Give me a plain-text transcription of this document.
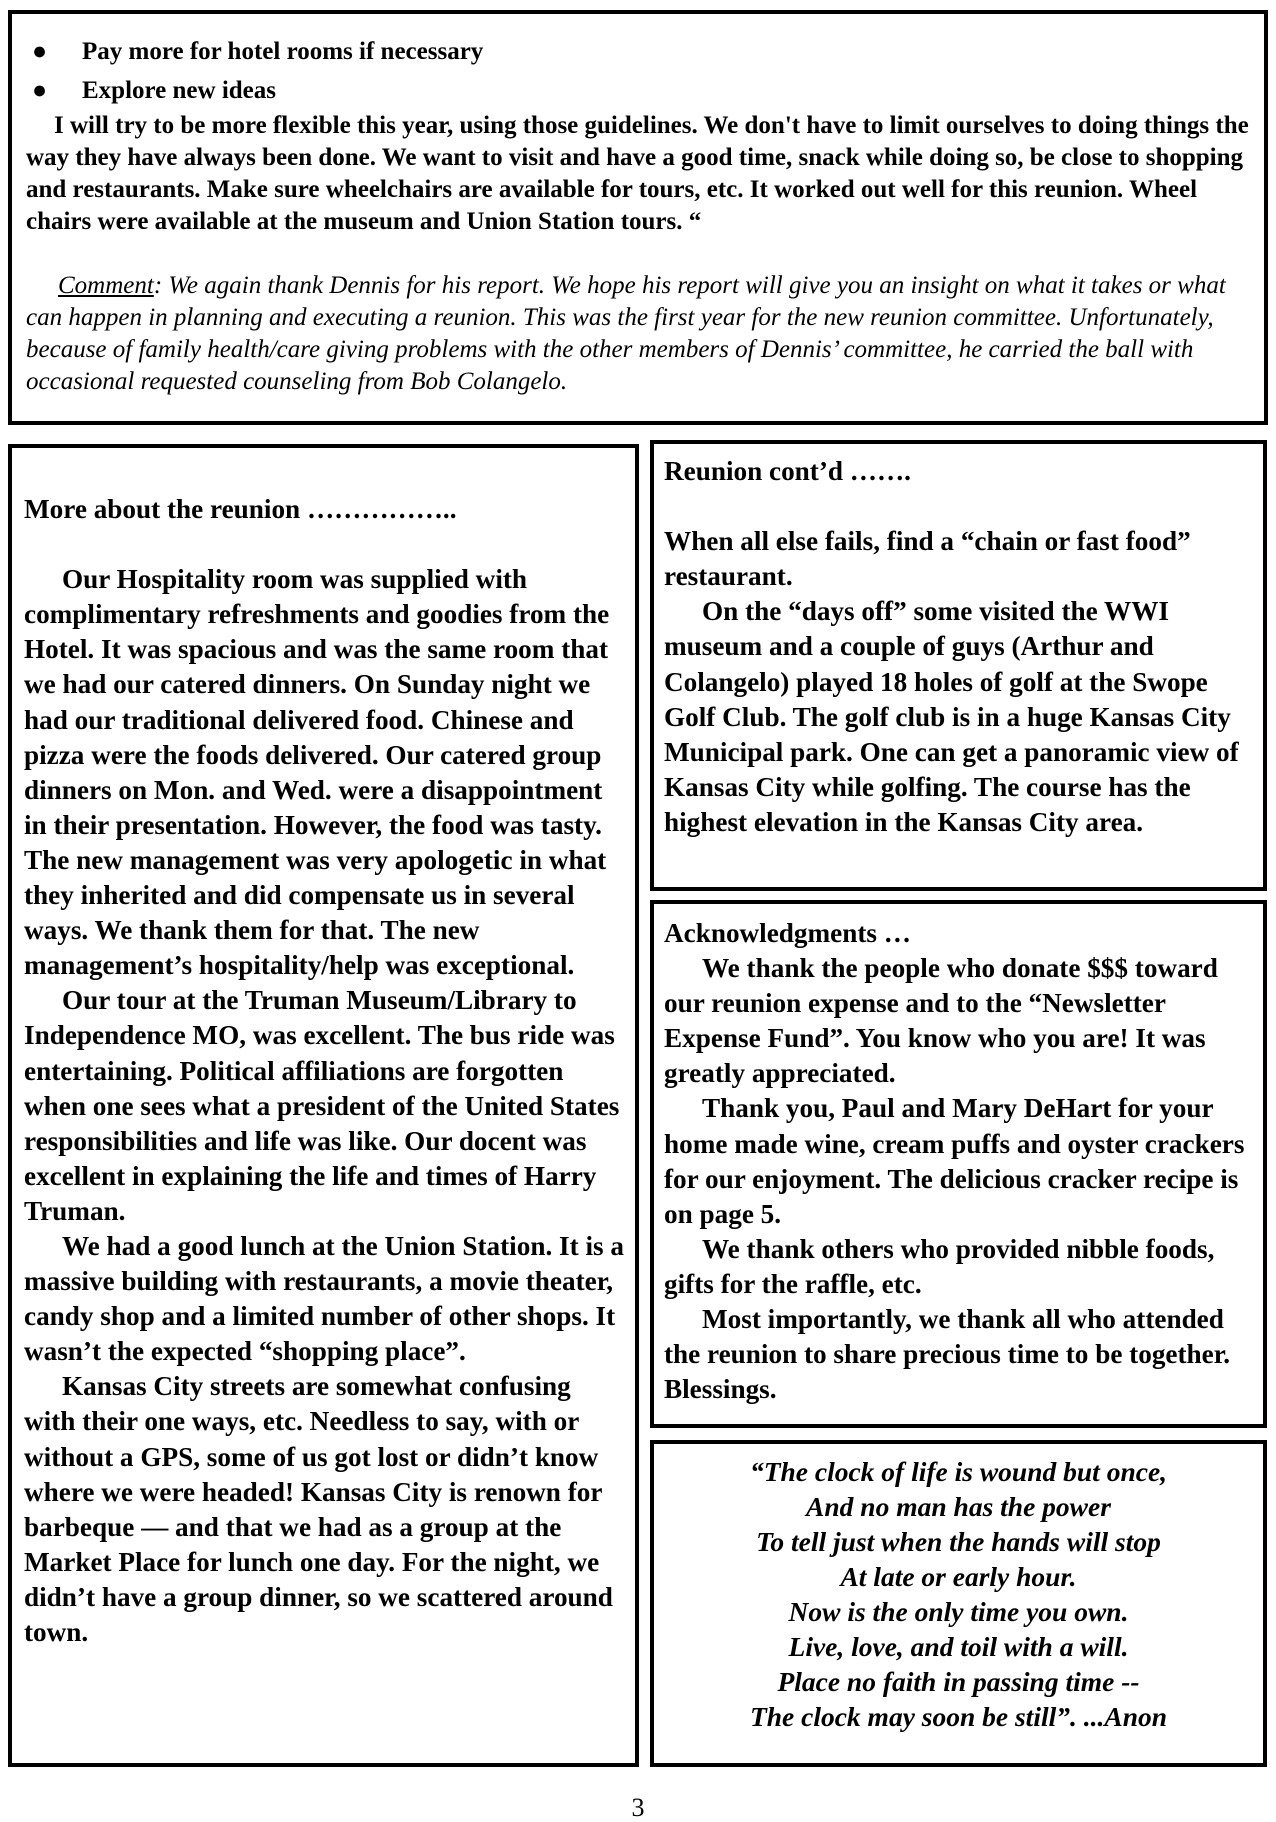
●	Pay more for hotel rooms if necessary
●	Explore new ideas

I will try to be more flexible this year, using those guidelines. We don't have to limit ourselves to doing things the way they have always been done. We want to visit and have a good time, snack while doing so, be close to shopping and restaurants. Make sure wheelchairs are available for tours, etc. It worked out well for this reunion. Wheel chairs were available at the museum and Union Station tours. “

Comment: We again thank Dennis for his report. We hope his report will give you an insight on what it takes or what can happen in planning and executing a reunion. This was the first year for the new reunion committee. Unfortunately, because of family health/care giving problems with the other members of Dennis’ committee, he carried the ball with occasional requested counseling from Bob Colangelo.

More about the reunion ……………..

Our Hospitality room was supplied with complimentary refreshments and goodies from the Hotel. It was spacious and was the same room that we had our catered dinners. On Sunday night we had our traditional delivered food. Chinese and pizza were the foods delivered. Our catered group dinners on Mon. and Wed. were a disappointment in their presentation. However, the food was tasty. The new management was very apologetic in what they inherited and did compensate us in several ways. We thank them for that. The new management’s hospitality/help was exceptional.

Our tour at the Truman Museum/Library to Independence MO, was excellent. The bus ride was entertaining. Political affiliations are forgotten when one sees what a president of the United States responsibilities and life was like. Our docent was excellent in explaining the life and times of Harry Truman.

We had a good lunch at the Union Station. It is a massive building with restaurants, a movie theater, candy shop and a limited number of other shops. It wasn’t the expected “shopping place”.

Kansas City streets are somewhat confusing with their one ways, etc. Needless to say, with or without a GPS, some of us got lost or didn’t know where we were headed! Kansas City is renown for barbeque — and that we had as a group at the Market Place for lunch one day. For the night, we didn’t have a group dinner, so we scattered around town.

Reunion cont’d …….

When all else fails, find a “chain or fast food” restaurant.

On the “days off” some visited the WWI museum and a couple of guys (Arthur and Colangelo) played 18 holes of golf at the Swope Golf Club. The golf club is in a huge Kansas City Municipal park. One can get a panoramic view of Kansas City while golfing. The course has the highest elevation in the Kansas City area.

Acknowledgments …

We thank the people who donate $$$ toward our reunion expense and to the “Newsletter Expense Fund”. You know who you are! It was greatly appreciated.

Thank you, Paul and Mary DeHart for your home made wine, cream puffs and oyster crackers for our enjoyment. The delicious cracker recipe is on page 5.

We thank others who provided nibble foods, gifts for the raffle, etc.

Most importantly, we thank all who attended the reunion to share precious time to be together. Blessings.

“The clock of life is wound but once,

And no man has the power

To tell just when the hands will stop

At late or early hour.

Now is the only time you own.

Live, love, and toil with a will.

Place no faith in passing time --

The clock may soon be still”. ...Anon

3
